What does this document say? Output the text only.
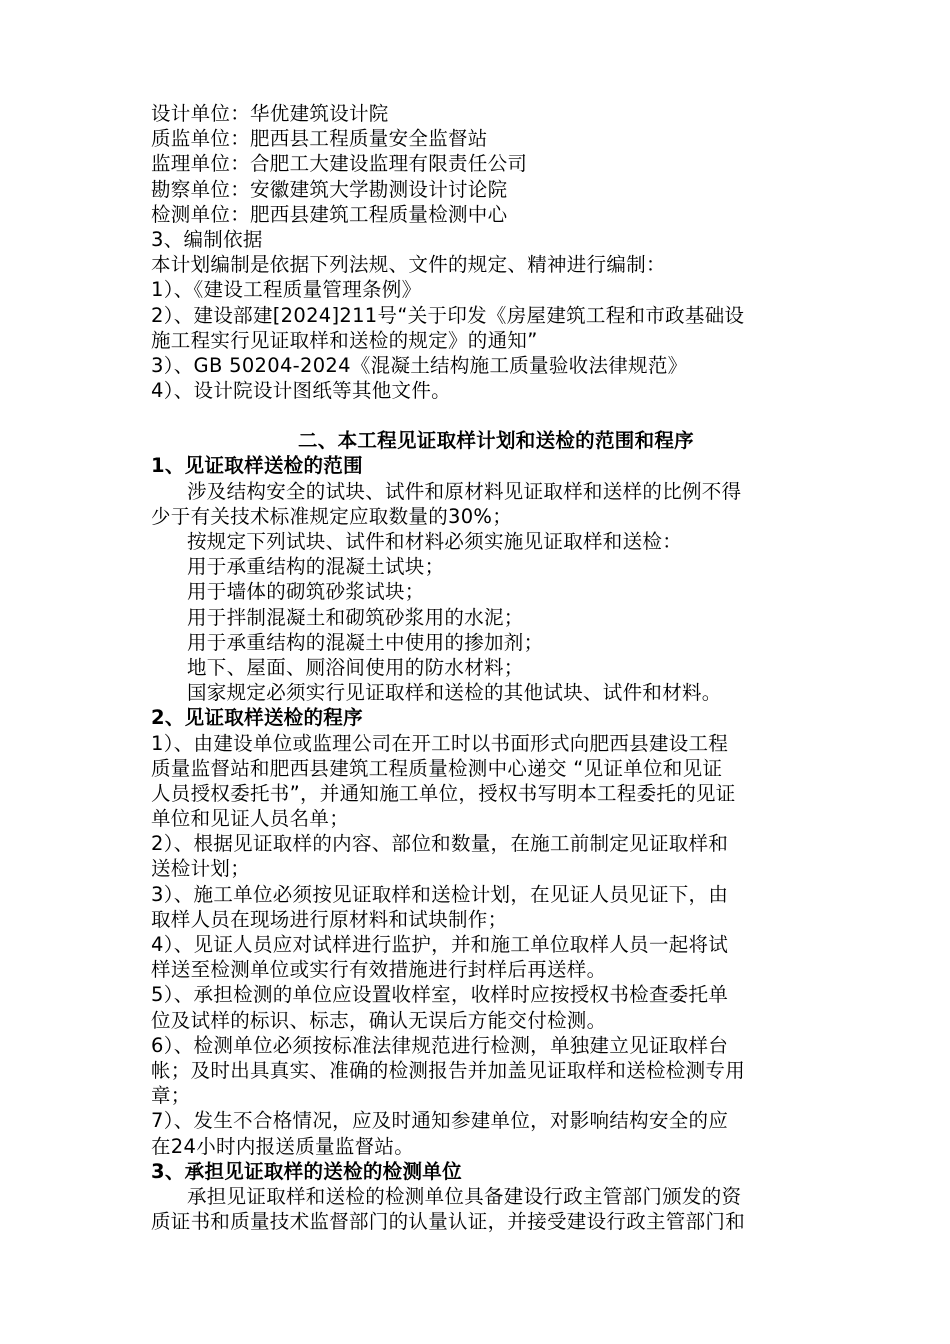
设计单位：华优建筑设计院
质监单位：肥西县工程质量安全监督站
监理单位：合肥工大建设监理有限责任公司
勘察单位：安徽建筑大学勘测设计讨论院
检测单位：肥西县建筑工程质量检测中心
3、编制依据
本计划编制是依据下列法规、文件的规定、精神进行编制：
1）、《建设工程质量管理条例》
2）、建设部建[2024]211号“关于印发《房屋建筑工程和市政基础设
施工程实行见证取样和送检的规定》的通知”
3）、GB 50204-2024《混凝土结构施工质量验收法律规范》
4）、设计院设计图纸等其他文件。
二、本工程见证取样计划和送检的范围和程序
1、见证取样送检的范围
涉及结构安全的试块、试件和原材料见证取样和送样的比例不得
少于有关技术标准规定应取数量的30%；
按规定下列试块、试件和材料必须实施见证取样和送检：
用于承重结构的混凝土试块；
用于墙体的砌筑砂浆试块；
用于拌制混凝土和砌筑砂浆用的水泥；
用于承重结构的混凝土中使用的掺加剂；
地下、屋面、厕浴间使用的防水材料；
国家规定必须实行见证取样和送检的其他试块、试件和材料。
2、见证取样送检的程序
1）、由建设单位或监理公司在开工时以书面形式向肥西县建设工程
质量监督站和肥西县建筑工程质量检测中心递交 “见证单位和见证
人员授权委托书”，并通知施工单位，授权书写明本工程委托的见证
单位和见证人员名单；
2）、根据见证取样的内容、部位和数量，在施工前制定见证取样和
送检计划；
3）、施工单位必须按见证取样和送检计划，在见证人员见证下，由
取样人员在现场进行原材料和试块制作；
4）、见证人员应对试样进行监护，并和施工单位取样人员一起将试
样送至检测单位或实行有效措施进行封样后再送样。
5）、承担检测的单位应设置收样室，收样时应按授权书检查委托单
位及试样的标识、标志，确认无误后方能交付检测。
6）、检测单位必须按标准法律规范进行检测，单独建立见证取样台
帐；及时出具真实、准确的检测报告并加盖见证取样和送检检测专用
章；
7）、发生不合格情况，应及时通知参建单位，对影响结构安全的应
在24小时内报送质量监督站。
3、承担见证取样的送检的检测单位
承担见证取样和送检的检测单位具备建设行政主管部门颁发的资
质证书和质量技术监督部门的认量认证，并接受建设行政主管部门和
